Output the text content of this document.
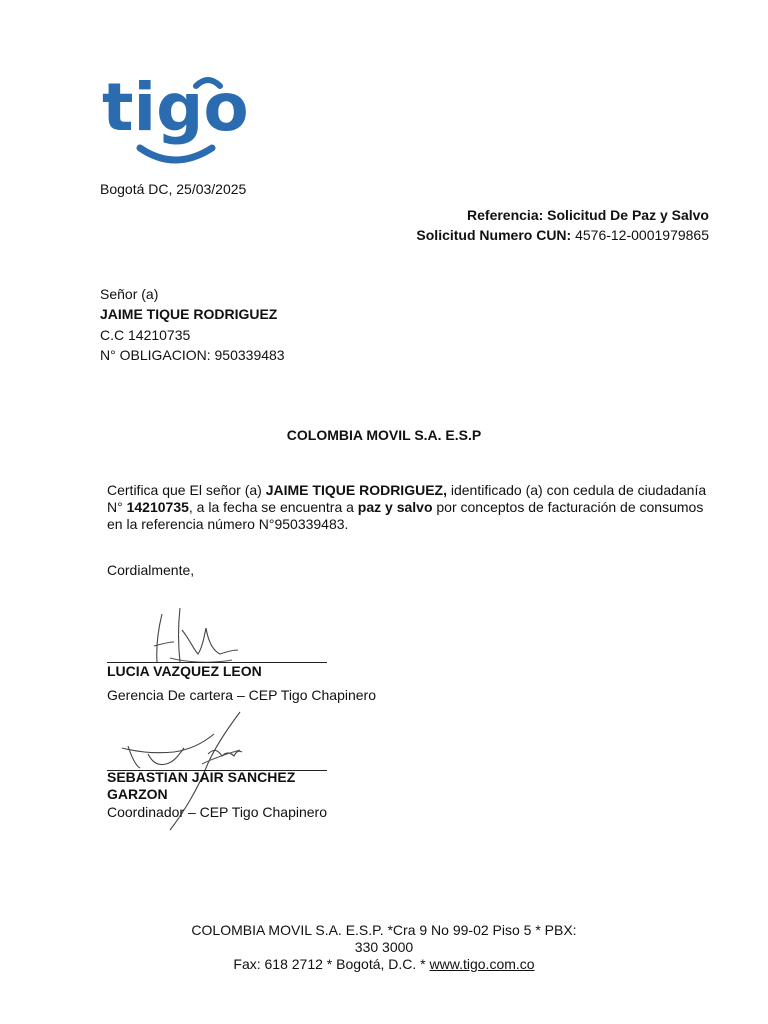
tigo
Bogotá DC, 25/03/2025
Referencia: Solicitud De Paz y Salvo
Solicitud Numero CUN: 4576-12-0001979865
Señor (a)
JAIME TIQUE RODRIGUEZ
C.C 14210735
N° OBLIGACION: 950339483
COLOMBIA MOVIL S.A. E.S.P
Certifica que El señor (a) JAIME TIQUE RODRIGUEZ, identificado (a) con cedula de ciudadanía N° 14210735, a la fecha se encuentra a paz y salvo por conceptos de facturación de consumos en la referencia número N°950339483.
Cordialmente,
LUCIA VAZQUEZ LEON
Gerencia De cartera – CEP Tigo Chapinero
SEBASTIAN JAIR SANCHEZ
GARZON
Coordinador – CEP Tigo Chapinero
COLOMBIA MOVIL S.A. E.S.P. *Cra 9 No 99-02 Piso 5 * PBX:
330 3000
Fax: 618 2712 * Bogotá, D.C. * www.tigo.com.co
